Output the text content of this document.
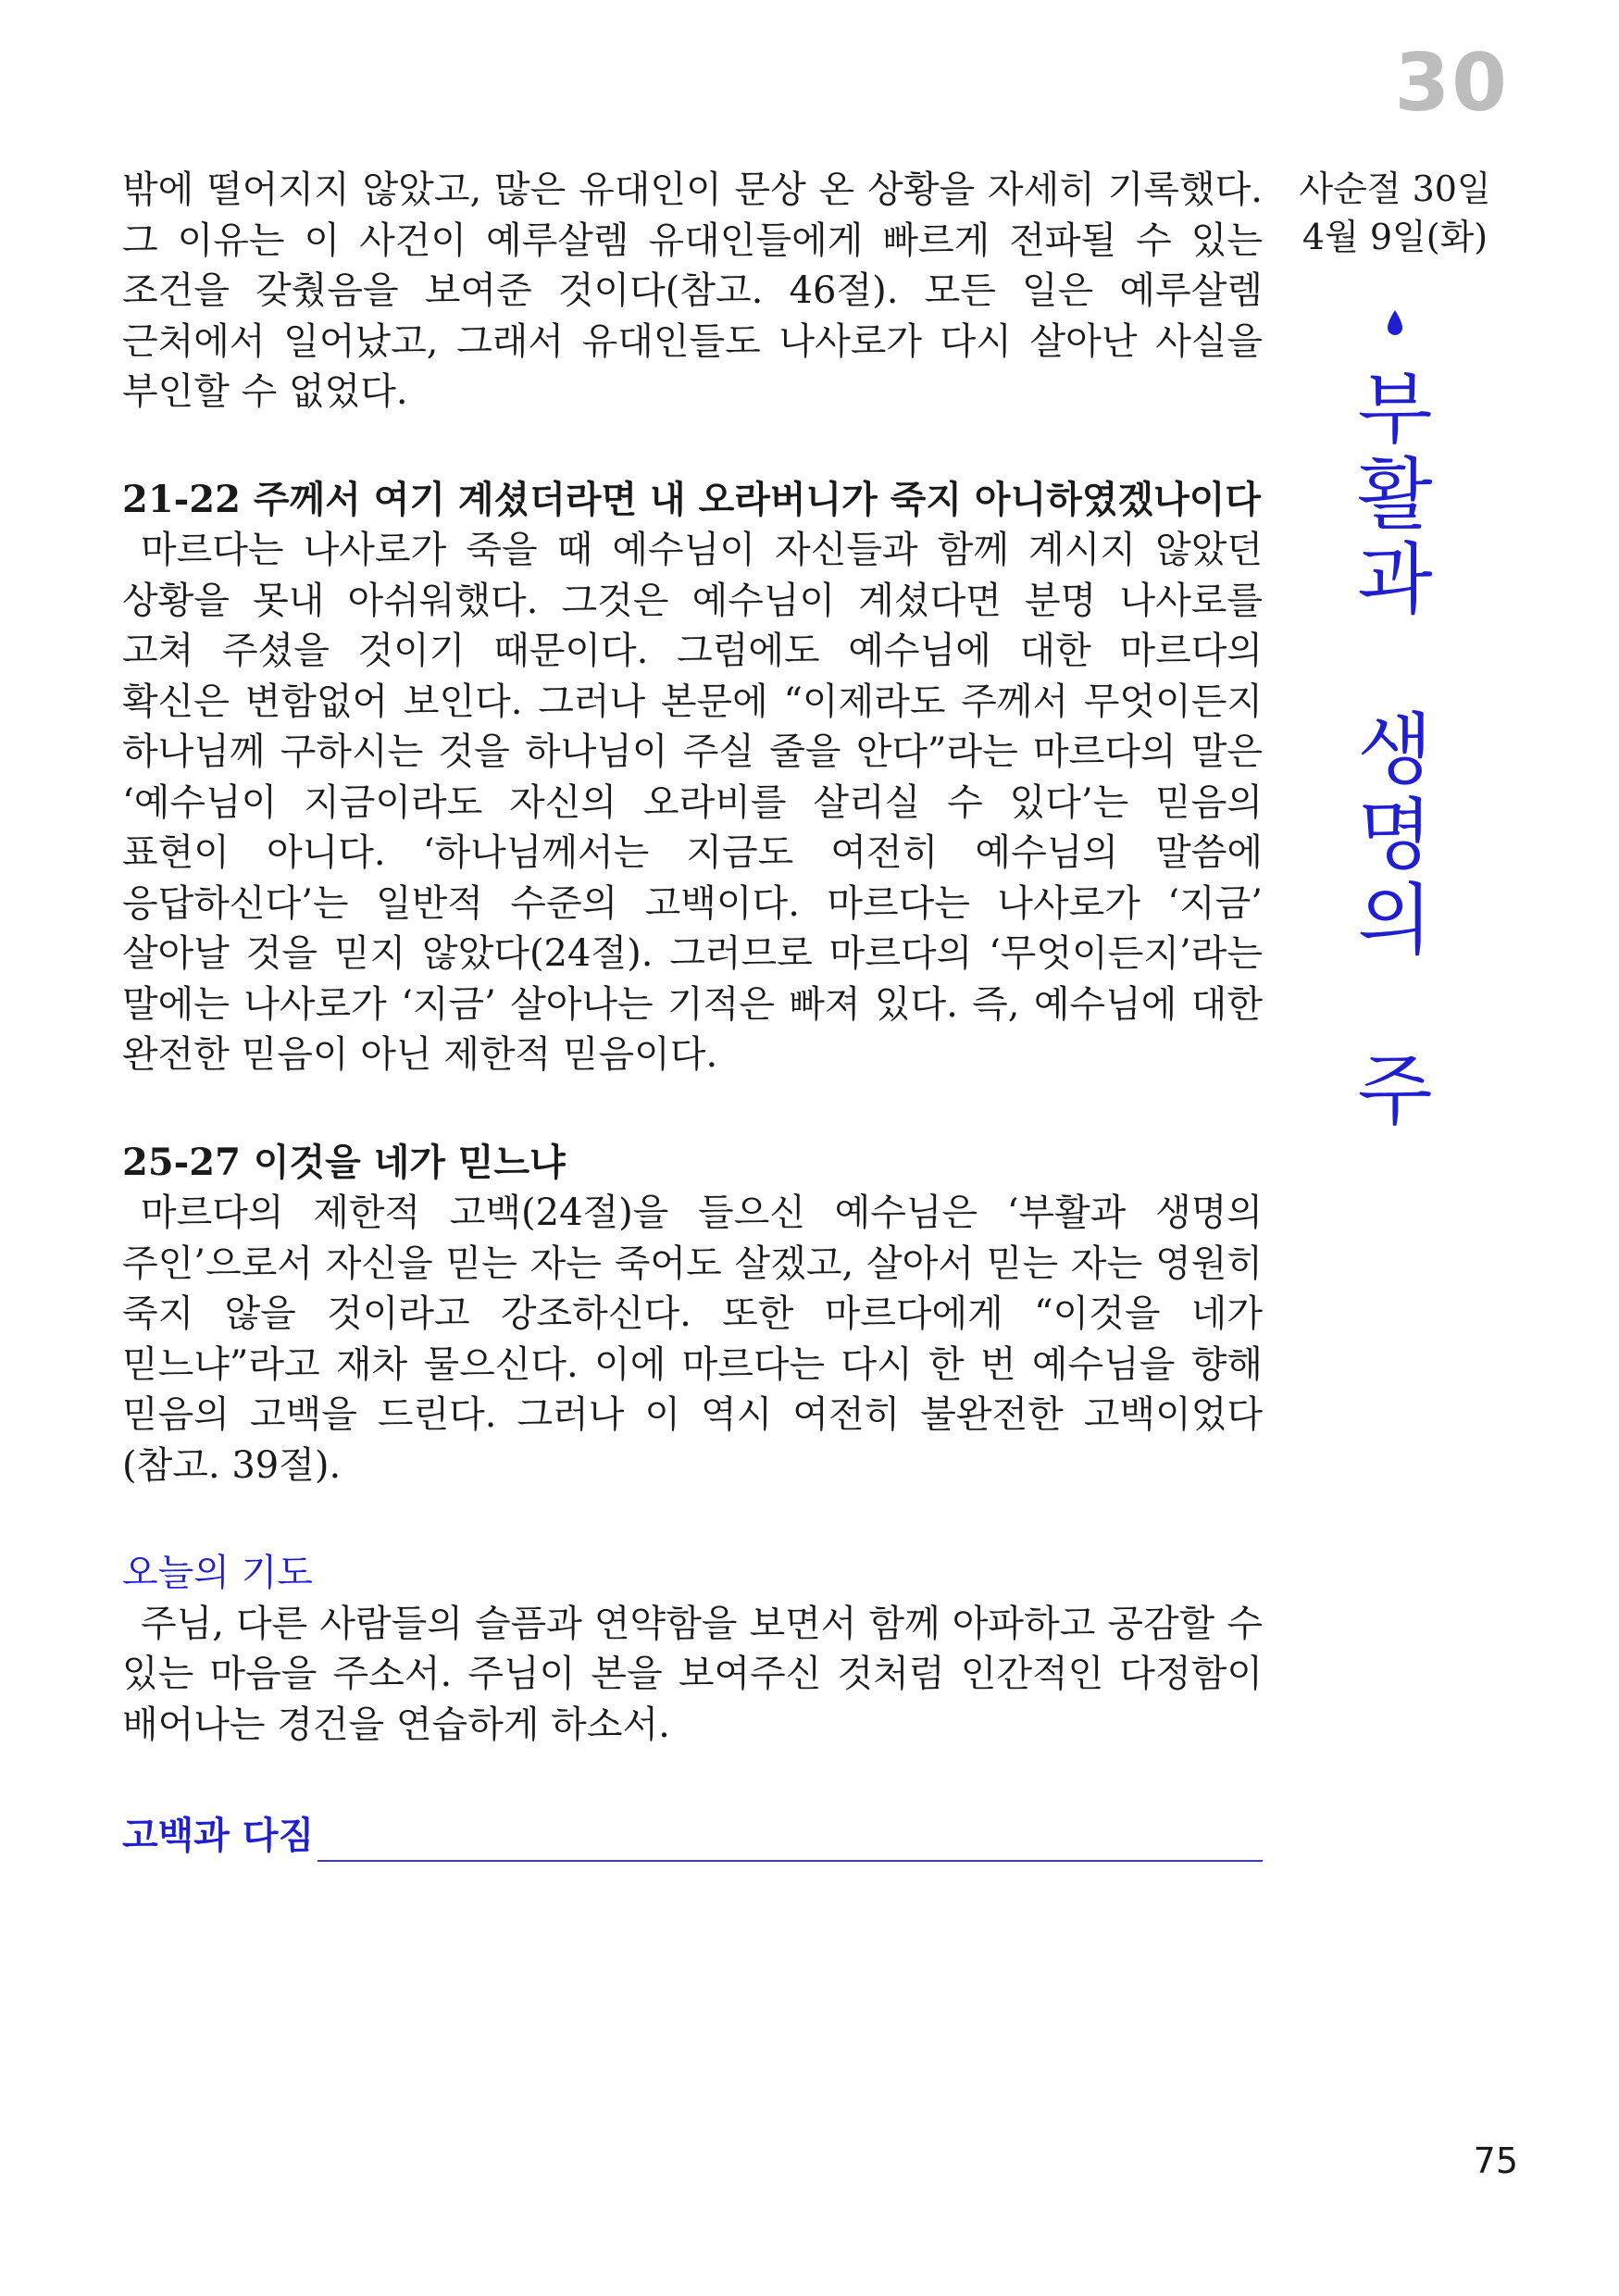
30

밖에 떨어지지 않았고, 많은 유대인이 문상 온 상황을 자세히 기록했다. 그 이유는 이 사건이 예루살렘 유대인들에게 빠르게 전파될 수 있는 조건을 갖췄음을 보여준 것이다(참고. 46절). 모든 일은 예루살렘 근처에서 일어났고, 그래서 유대인들도 나사로가 다시 살아난 사실을 부인할 수 없었다.

21-22 주께서 여기 계셨더라면 내 오라버니가 죽지 아니하였겠나이다

마르다는 나사로가 죽을 때 예수님이 자신들과 함께 계시지 않았던 상황을 못내 아쉬워했다. 그것은 예수님이 계셨다면 분명 나사로를 고쳐 주셨을 것이기 때문이다. 그럼에도 예수님에 대한 마르다의 확신은 변함없어 보인다. 그러나 본문에 “이제라도 주께서 무엇이든지 하나님께 구하시는 것을 하나님이 주실 줄을 안다”라는 마르다의 말은 ‘예수님이 지금이라도 자신의 오라비를 살리실 수 있다’는 믿음의 표현이 아니다. ‘하나님께서는 지금도 여전히 예수님의 말씀에 응답하신다’는 일반적 수준의 고백이다. 마르다는 나사로가 ‘지금’ 살아날 것을 믿지 않았다(24절). 그러므로 마르다의 ‘무엇이든지’라는 말에는 나사로가 ‘지금’ 살아나는 기적은 빠져 있다. 즉, 예수님에 대한 완전한 믿음이 아닌 제한적 믿음이다.

25-27 이것을 네가 믿느냐

마르다의 제한적 고백(24절)을 들으신 예수님은 ‘부활과 생명의 주인’으로서 자신을 믿는 자는 죽어도 살겠고, 살아서 믿는 자는 영원히 죽지 않을 것이라고 강조하신다. 또한 마르다에게 “이것을 네가 믿느냐”라고 재차 물으신다. 이에 마르다는 다시 한 번 예수님을 향해 믿음의 고백을 드린다. 그러나 이 역시 여전히 불완전한 고백이었다(참고. 39절).

오늘의 기도

주님, 다른 사람들의 슬픔과 연약함을 보면서 함께 아파하고 공감할 수 있는 마음을 주소서. 주님이 본을 보여주신 것처럼 인간적인 다정함이 배어나는 경건을 연습하게 하소서.

고백과 다짐
사순절 30일
4월 9일(화)
부
활
과
생
명
의
주
75
